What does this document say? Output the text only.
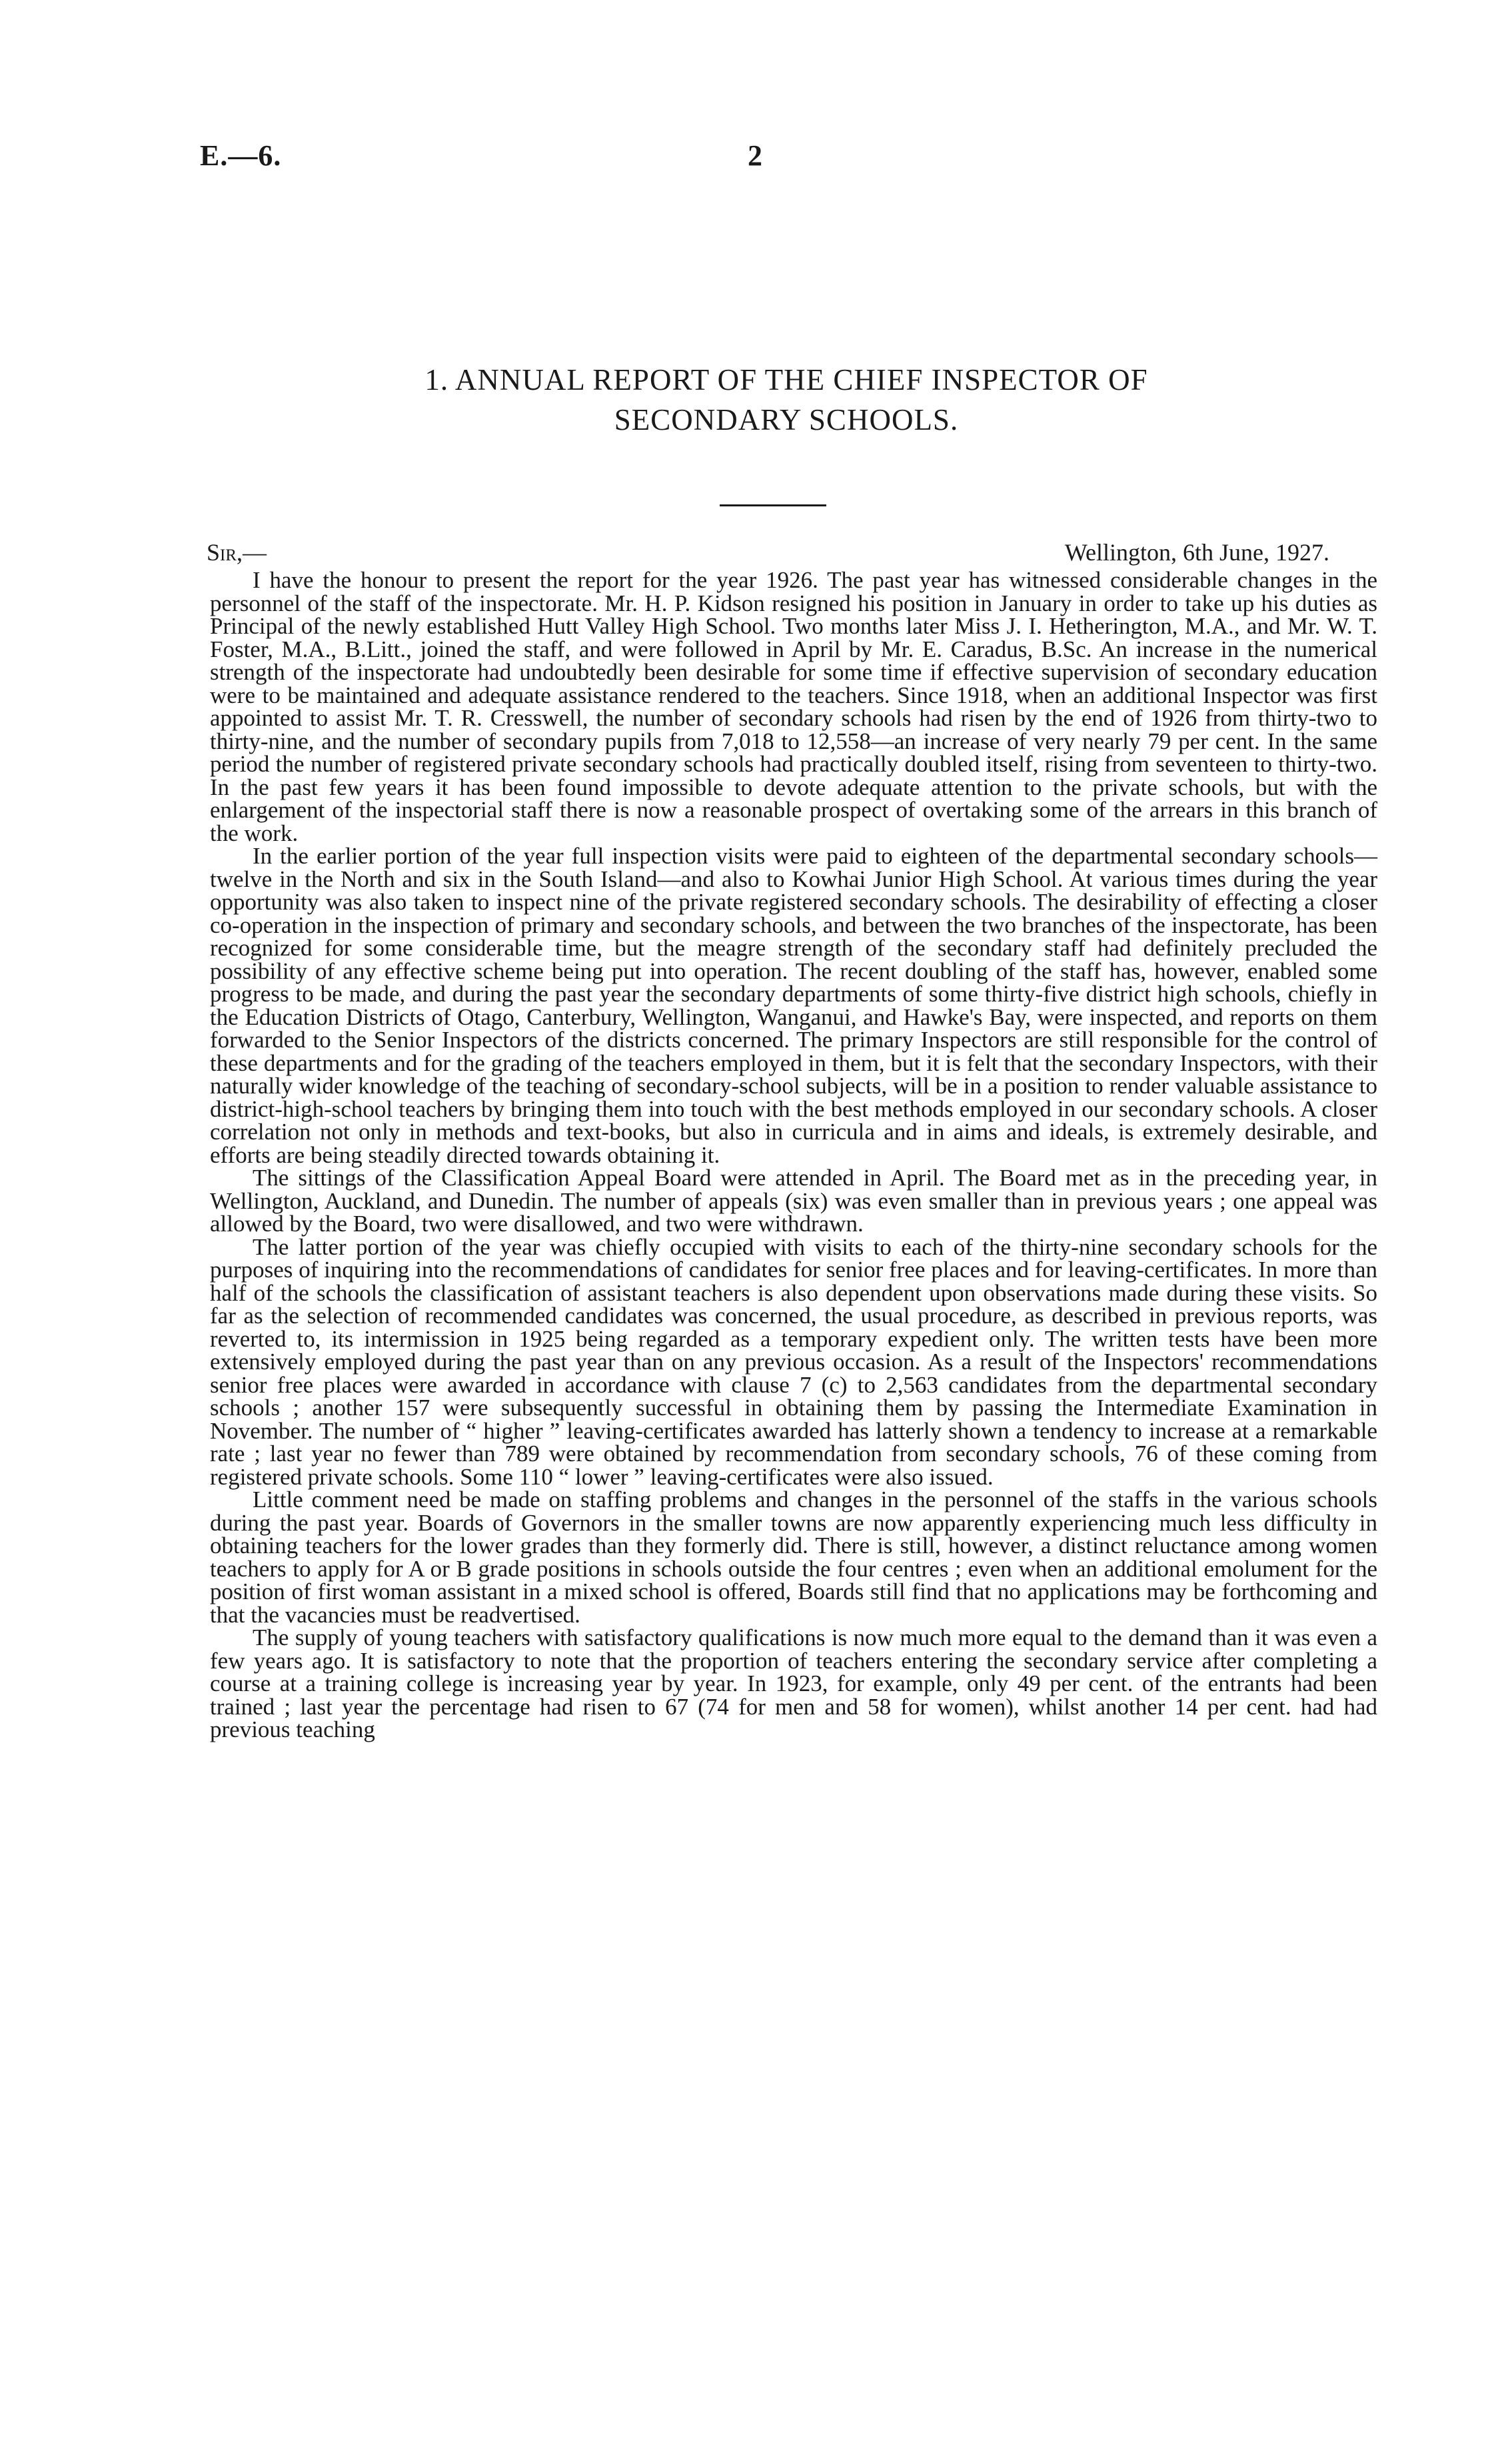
E.—6.	2
1. ANNUAL REPORT OF THE CHIEF INSPECTOR OF
SECONDARY SCHOOLS.
Sir,—	Wellington, 6th June, 1927.

I have the honour to present the report for the year 1926. The past year has witnessed considerable changes in the personnel of the staff of the inspectorate. Mr. H. P. Kidson resigned his position in January in order to take up his duties as Principal of the newly established Hutt Valley High School. Two months later Miss J. I. Hetherington, M.A., and Mr. W. T. Foster, M.A., B.Litt., joined the staff, and were followed in April by Mr. E. Caradus, B.Sc. An increase in the numerical strength of the inspectorate had undoubtedly been desirable for some time if effective supervision of secondary education were to be maintained and adequate assistance rendered to the teachers. Since 1918, when an additional Inspector was first appointed to assist Mr. T. R. Cresswell, the number of secondary schools had risen by the end of 1926 from thirty-two to thirty-nine, and the number of secondary pupils from 7,018 to 12,558—an increase of very nearly 79 per cent. In the same period the number of registered private secondary schools had practically doubled itself, rising from seventeen to thirty-two. In the past few years it has been found impossible to devote adequate attention to the private schools, but with the enlargement of the inspectorial staff there is now a reasonable prospect of overtaking some of the arrears in this branch of the work.

In the earlier portion of the year full inspection visits were paid to eighteen of the departmental secondary schools—twelve in the North and six in the South Island—and also to Kowhai Junior High School. At various times during the year opportunity was also taken to inspect nine of the private registered secondary schools. The desirability of effecting a closer co-operation in the inspection of primary and secondary schools, and between the two branches of the inspectorate, has been recognized for some considerable time, but the meagre strength of the secondary staff had definitely precluded the possibility of any effective scheme being put into operation. The recent doubling of the staff has, however, enabled some progress to be made, and during the past year the secondary departments of some thirty-five district high schools, chiefly in the Education Districts of Otago, Canterbury, Wellington, Wanganui, and Hawke's Bay, were inspected, and reports on them forwarded to the Senior Inspectors of the districts concerned. The primary Inspectors are still responsible for the control of these departments and for the grading of the teachers employed in them, but it is felt that the secondary Inspectors, with their naturally wider knowledge of the teaching of secondary-school subjects, will be in a position to render valuable assistance to district-high-school teachers by bringing them into touch with the best methods employed in our secondary schools. A closer correlation not only in methods and text-books, but also in curricula and in aims and ideals, is extremely desirable, and efforts are being steadily directed towards obtaining it.

The sittings of the Classification Appeal Board were attended in April. The Board met as in the preceding year, in Wellington, Auckland, and Dunedin. The number of appeals (six) was even smaller than in previous years ; one appeal was allowed by the Board, two were disallowed, and two were withdrawn.

The latter portion of the year was chiefly occupied with visits to each of the thirty-nine secondary schools for the purposes of inquiring into the recommendations of candidates for senior free places and for leaving-certificates. In more than half of the schools the classification of assistant teachers is also dependent upon observations made during these visits. So far as the selection of recommended candidates was concerned, the usual procedure, as described in previous reports, was reverted to, its intermission in 1925 being regarded as a temporary expedient only. The written tests have been more extensively employed during the past year than on any previous occasion. As a result of the Inspectors' recommendations senior free places were awarded in accordance with clause 7 (c) to 2,563 candidates from the departmental secondary schools ; another 157 were subsequently successful in obtaining them by passing the Intermediate Examination in November. The number of “ higher ” leaving-certificates awarded has latterly shown a tendency to increase at a remarkable rate ; last year no fewer than 789 were obtained by recommendation from secondary schools, 76 of these coming from registered private schools. Some 110 “ lower ” leaving-certificates were also issued.

Little comment need be made on staffing problems and changes in the personnel of the staffs in the various schools during the past year. Boards of Governors in the smaller towns are now apparently experiencing much less difficulty in obtaining teachers for the lower grades than they formerly did. There is still, however, a distinct reluctance among women teachers to apply for A or B grade positions in schools outside the four centres ; even when an additional emolument for the position of first woman assistant in a mixed school is offered, Boards still find that no applications may be forthcoming and that the vacancies must be readvertised.

The supply of young teachers with satisfactory qualifications is now much more equal to the demand than it was even a few years ago. It is satisfactory to note that the proportion of teachers entering the secondary service after completing a course at a training college is increasing year by year. In 1923, for example, only 49 per cent. of the entrants had been trained ; last year the percentage had risen to 67 (74 for men and 58 for women), whilst another 14 per cent. had had previous teaching
